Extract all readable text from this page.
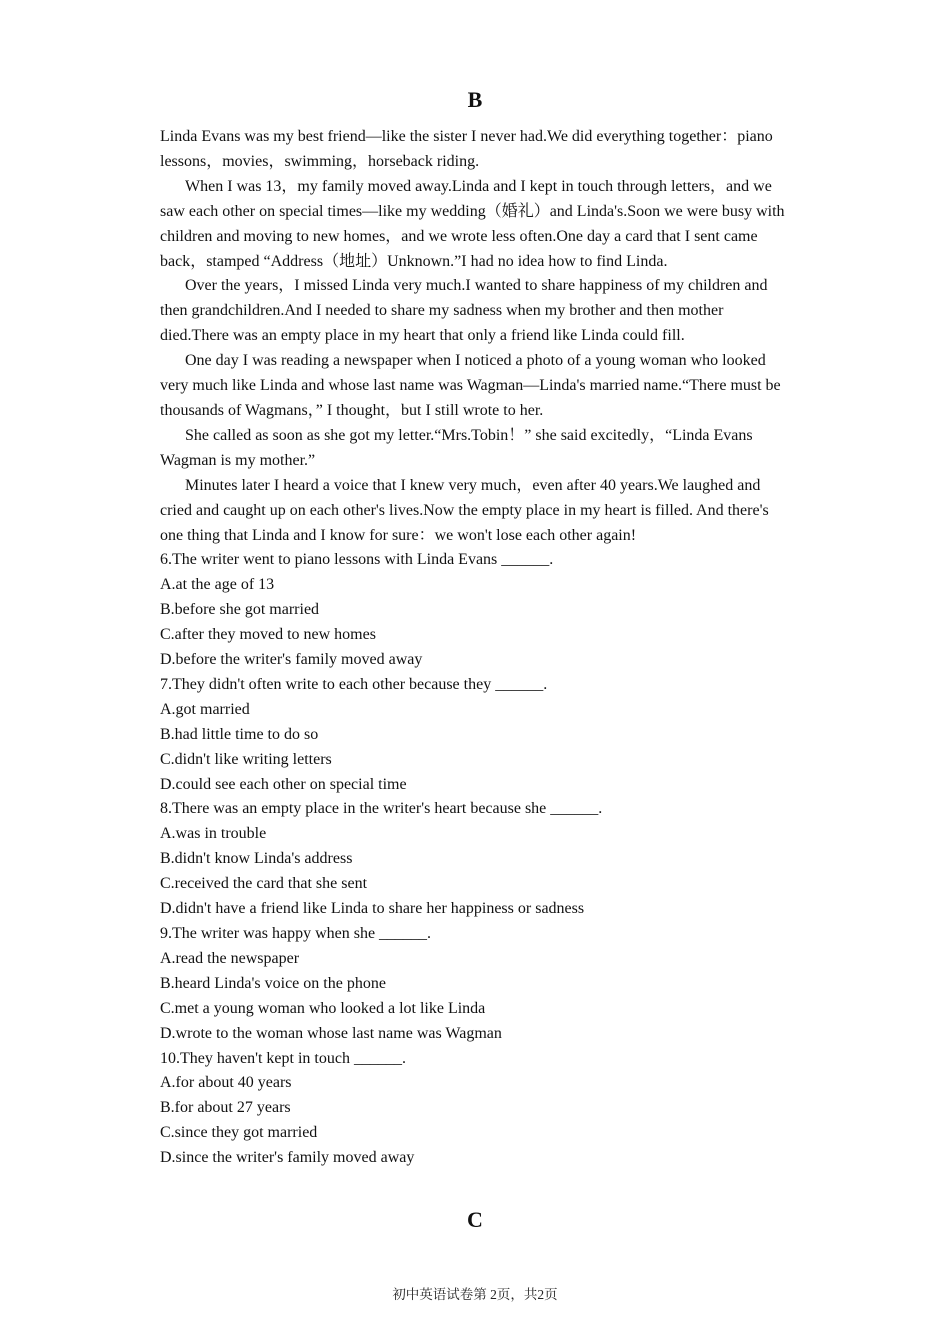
B

Linda Evans was my best friend—like the sister I never had.We did everything together：piano lessons，movies，swimming，horseback riding.

When I was 13，my family moved away.Linda and I kept in touch through letters，and we saw each other on special times—like my wedding（婚礼）and Linda's.Soon we were busy with children and moving to new homes，and we wrote less often.One day a card that I sent came back，stamped “Address（地址）Unknown.”I had no idea how to find Linda.

Over the years，I missed Linda very much.I wanted to share happiness of my children and then grandchildren.And I needed to share my sadness when my brother and then mother died.There was an empty place in my heart that only a friend like Linda could fill.

One day I was reading a newspaper when I noticed a photo of a young woman who looked very much like Linda and whose last name was Wagman—Linda's married name.“There must be thousands of Wagmans，” I thought，but I still wrote to her.

She called as soon as she got my letter.“Mrs.Tobin！” she said excitedly，“Linda Evans Wagman is my mother.”

Minutes later I heard a voice that I knew very much，even after 40 years.We laughed and cried and caught up on each other's lives.Now the empty place in my heart is filled. And there's one thing that Linda and I know for sure：we won't lose each other again!

6.The writer went to piano lessons with Linda Evans ______.

A.at the age of 13

B.before she got married

C.after they moved to new homes

D.before the writer's family moved away

7.They didn't often write to each other because they ______.

A.got married

B.had little time to do so

C.didn't like writing letters

D.could see each other on special time

8.There was an empty place in the writer's heart because she ______.

A.was in trouble

B.didn't know Linda's address

C.received the card that she sent

D.didn't have a friend like Linda to share her happiness or sadness

9.The writer was happy when she ______.

A.read the newspaper

B.heard Linda's voice on the phone

C.met a young woman who looked a lot like Linda

D.wrote to the woman whose last name was Wagman

10.They haven't kept in touch ______.

A.for about 40 years

B.for about 27 years

C.since they got married

D.since the writer's family moved away

C
初中英语试卷第 2页，共2页
